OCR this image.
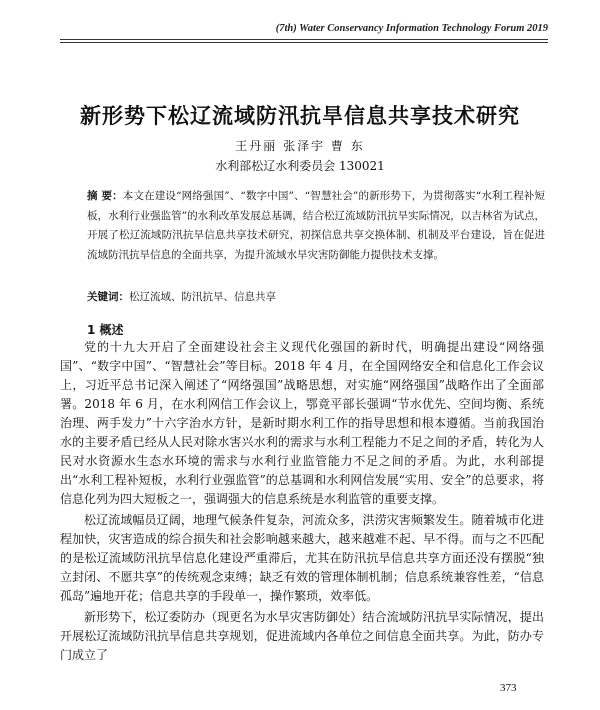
(7th) Water Conservancy Information Technology Forum 2019
新形势下松辽流域防汛抗旱信息共享技术研究
王丹丽 张泽宇 曹 东
水利部松辽水利委员会 130021
摘 要：本文在建设“网络强国”、“数字中国”、“智慧社会”的新形势下，为贯彻落实“水利工程补短板，水利行业强监管”的水利改革发展总基调，结合松辽流域防汛抗旱实际情况，以吉林省为试点，开展了松辽流域防汛抗旱信息共享技术研究，初探信息共享交换体制、机制及平台建设，旨在促进流域防汛抗旱信息的全面共享，为提升流域水旱灾害防御能力提供技术支撑。
关键词：松辽流域、防汛抗旱、信息共享
1 概述

党的十九大开启了全面建设社会主义现代化强国的新时代，明确提出建设“网络强国”、“数字中国”、“智慧社会”等目标。2018 年 4 月，在全国网络安全和信息化工作会议上，习近平总书记深入阐述了“网络强国”战略思想，对实施“网络强国”战略作出了全面部署。2018 年 6 月，在水利网信工作会议上，鄂竟平部长强调“节水优先、空间均衡、系统治理、两手发力”十六字治水方针，是新时期水利工作的指导思想和根本遵循。当前我国治水的主要矛盾已经从人民对除水害兴水利的需求与水利工程能力不足之间的矛盾，转化为人民对水资源水生态水环境的需求与水利行业监管能力不足之间的矛盾。为此，水利部提出“水利工程补短板，水利行业强监管”的总基调和水利网信发展“实用、安全”的总要求，将信息化列为四大短板之一，强调强大的信息系统是水利监管的重要支撑。

松辽流域幅员辽阔，地理气候条件复杂，河流众多，洪涝灾害频繁发生。随着城市化进程加快，灾害造成的综合损失和社会影响越来越大，越来越难不起、早不得。而与之不匹配的是松辽流域防汛抗旱信息化建设严重滞后，尤其在防汛抗旱信息共享方面还没有摆脱“独立封闭、不愿共享”的传统观念束缚；缺乏有效的管理体制机制；信息系统兼容性差，“信息孤岛”遍地开花；信息共享的手段单一，操作繁琐，效率低。

新形势下，松辽委防办（现更名为水旱灾害防御处）结合流域防汛抗旱实际情况，提出开展松辽流域防汛抗旱信息共享规划，促进流域内各单位之间信息全面共享。为此，防办专门成立了

373
